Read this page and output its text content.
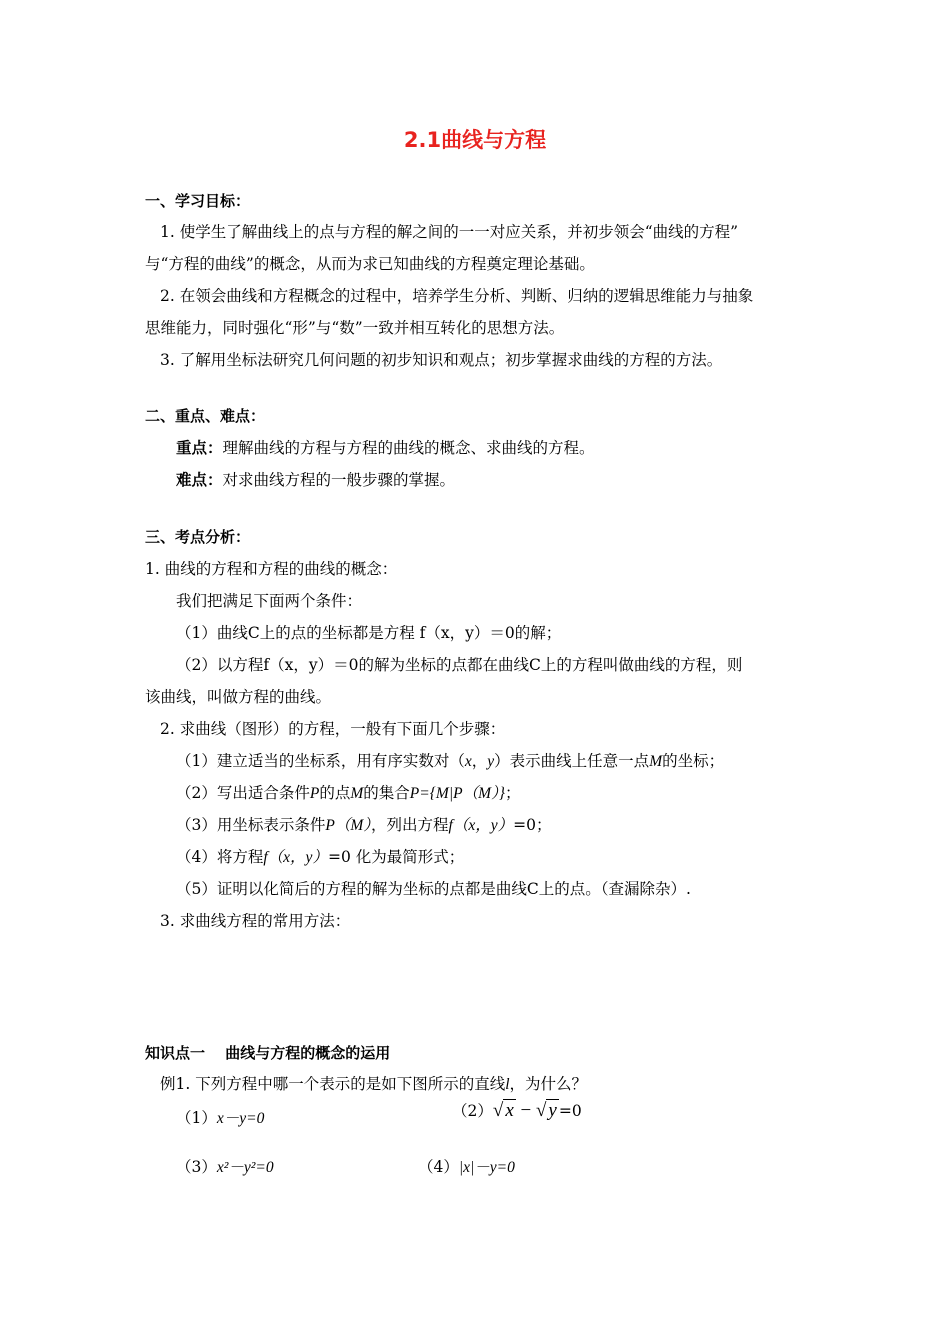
2.1曲线与方程
一、学习目标：
1. 使学生了解曲线上的点与方程的解之间的一一对应关系，并初步领会“曲线的方程”
与“方程的曲线”的概念，从而为求已知曲线的方程奠定理论基础。
2. 在领会曲线和方程概念的过程中，培养学生分析、判断、归纳的逻辑思维能力与抽象
思维能力，同时强化“形”与“数”一致并相互转化的思想方法。
3. 了解用坐标法研究几何问题的初步知识和观点；初步掌握求曲线的方程的方法。
二、重点、难点：
重点：理解曲线的方程与方程的曲线的概念、求曲线的方程。
难点：对求曲线方程的一般步骤的掌握。
三、考点分析：
1. 曲线的方程和方程的曲线的概念：
我们把满足下面两个条件：
（1）曲线C上的点的坐标都是方程 f（x，y）＝0的解；
（2）以方程f（x，y）＝0的解为坐标的点都在曲线C上的方程叫做曲线的方程，则
该曲线，叫做方程的曲线。
2. 求曲线（图形）的方程，一般有下面几个步骤：
（1）建立适当的坐标系，用有序实数对（x，y）表示曲线上任意一点M的坐标；
（2）写出适合条件P的点M的集合P={M|P（M）}；
（3）用坐标表示条件P（M），列出方程f（x，y）=0；
（4）将方程f（x，y）=0 化为最简形式；
（5）证明以化简后的方程的解为坐标的点都是曲线C上的点。（查漏除杂）.
3. 求曲线方程的常用方法：
知识点一　 曲线与方程的概念的运用
例1. 下列方程中哪一个表示的是如下图所示的直线l，为什么？
（1）x－y=0	（2）√ x − √ y =0
（3）x²－y²=0	（4）|x|－y=0
